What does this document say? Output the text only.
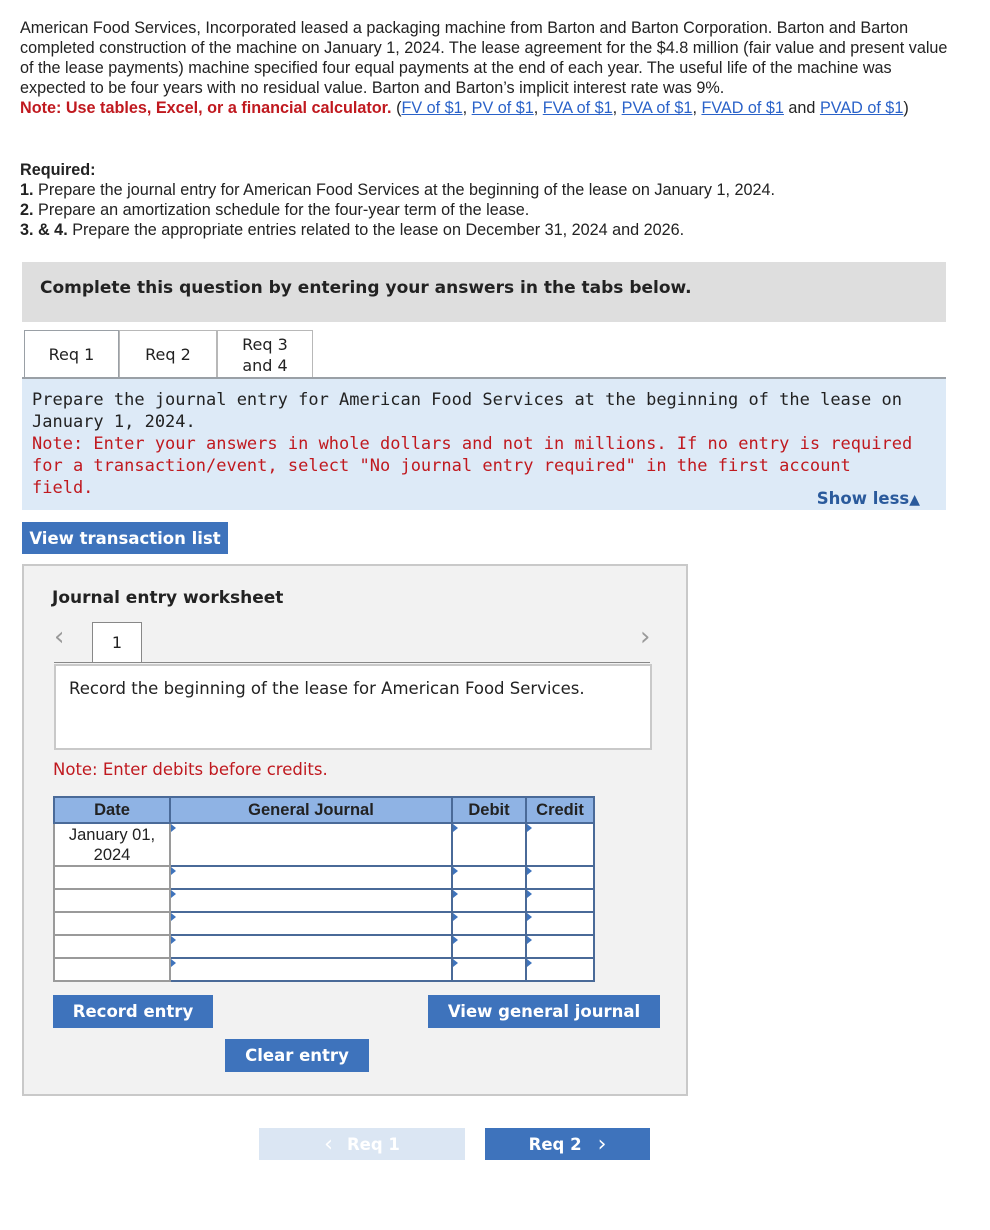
American Food Services, Incorporated leased a packaging machine from Barton and Barton Corporation. Barton and Barton completed construction of the machine on January 1, 2024. The lease agreement for the $4.8 million (fair value and present value of the lease payments) machine specified four equal payments at the end of each year. The useful life of the machine was expected to be four years with no residual value. Barton and Barton’s implicit interest rate was 9%.

Note: Use tables, Excel, or a financial calculator. (FV of $1, PV of $1, FVA of $1, PVA of $1, FVAD of $1 and PVAD of $1)

Required:
1. Prepare the journal entry for American Food Services at the beginning of the lease on January 1, 2024.
2. Prepare an amortization schedule for the four-year term of the lease.
3. & 4. Prepare the appropriate entries related to the lease on December 31, 2024 and 2026.
Complete this question by entering your answers in the tabs below.
Req 1	Req 2
Req 3 and 4
Prepare the journal entry for American Food Services at the beginning of the lease on January 1, 2024.
Note: Enter your answers in whole dollars and not in millions. If no entry is required for a transaction/event, select "No journal entry required" in the first account field.
Show less▲
View transaction list
Journal entry worksheet
‹	1	›
Record the beginning of the lease for American Food Services.
Note: Enter debits before credits.
Date	General Journal	Debit	Credit

January 01, 2024			

Record entry	View general journal
Clear entry
‹ Req 1	Req 2 ›
